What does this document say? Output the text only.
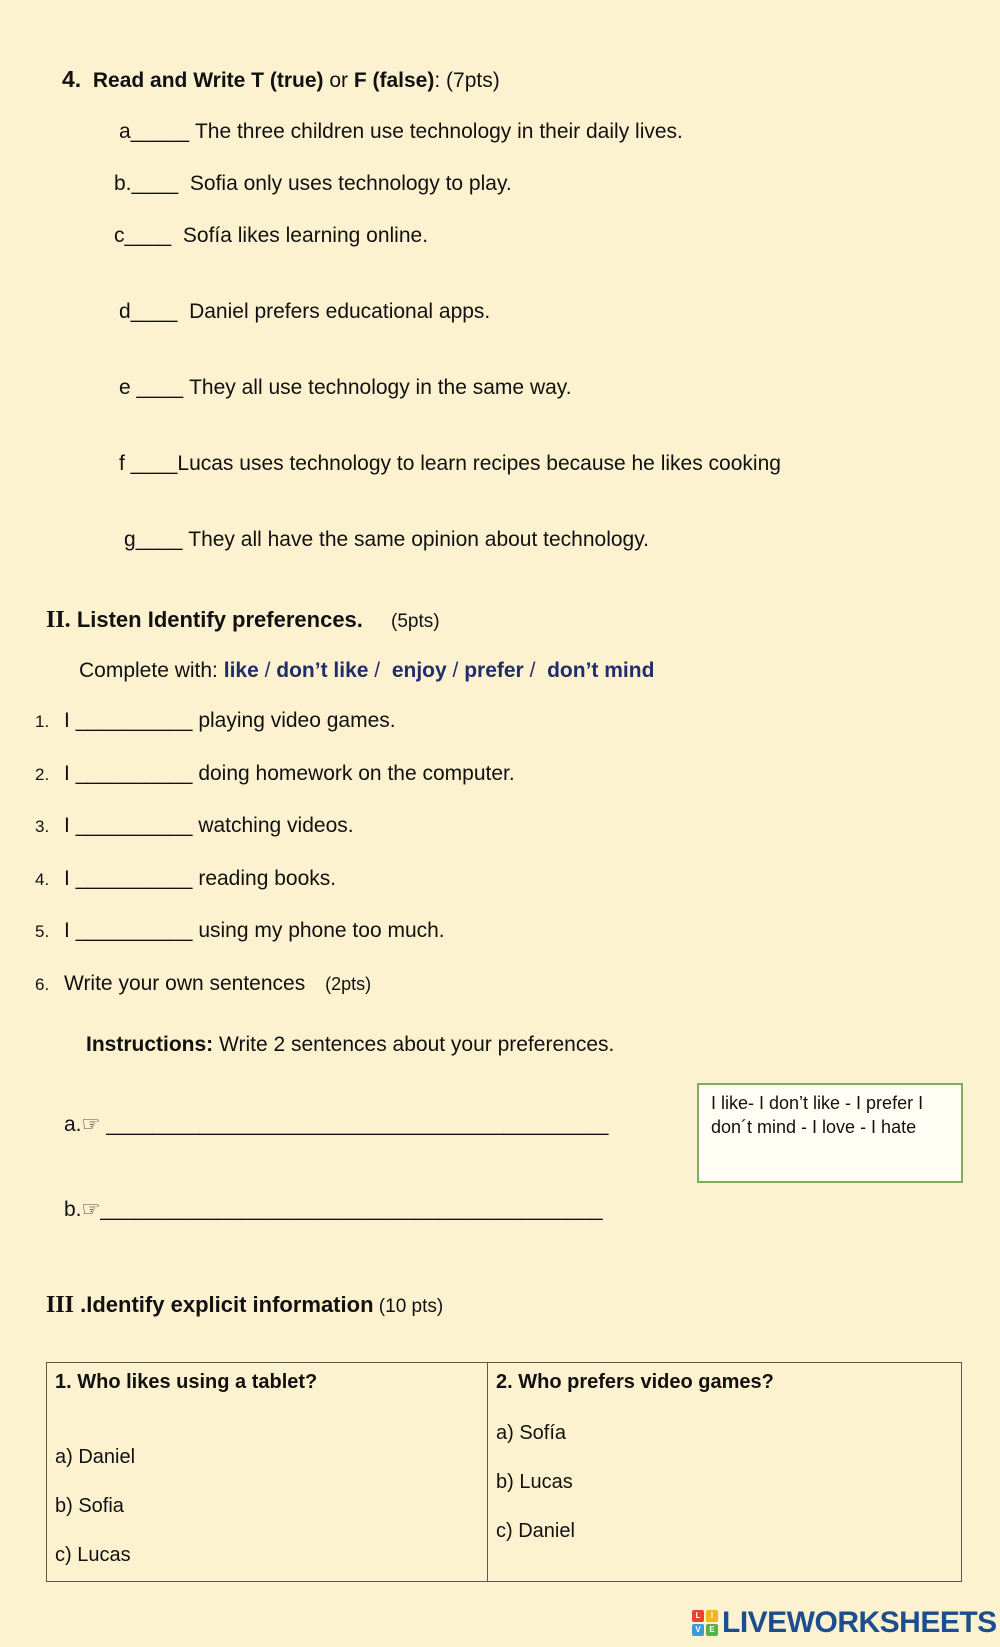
4. Read and Write T (true) or F (false): (7pts)
a_____ The three children use technology in their daily lives.
b.____ Sofia only uses technology to play.
c____ Sofía likes learning online.
d____ Daniel prefers educational apps.
e ____ They all use technology in the same way.
f ____Lucas uses technology to learn recipes because he likes cooking
g____ They all have the same opinion about technology.
II. Listen Identify preferences. (5pts)
Complete with: like / don’t like /  enjoy / prefer /  don’t mind
1. I __________ playing video games.
2. I __________ doing homework on the computer.
3. I __________ watching videos.
4. I __________ reading books.
5. I __________ using my phone too much.
6. Write your own sentences (2pts)
Instructions: Write 2 sentences about your preferences.
a.☞ ___________________________________________
b.☞___________________________________________
I like- I don’t like - I prefer I don´t mind - I love - I hate
III .Identify explicit information (10 pts)
1. Who likes using a tablet?
a) Daniel
b) Sofia
c) Lucas
2. Who prefers video games?
a) Sofía
b) Lucas
c) Daniel
L	I
V	E LIVEWORKSHEETS
